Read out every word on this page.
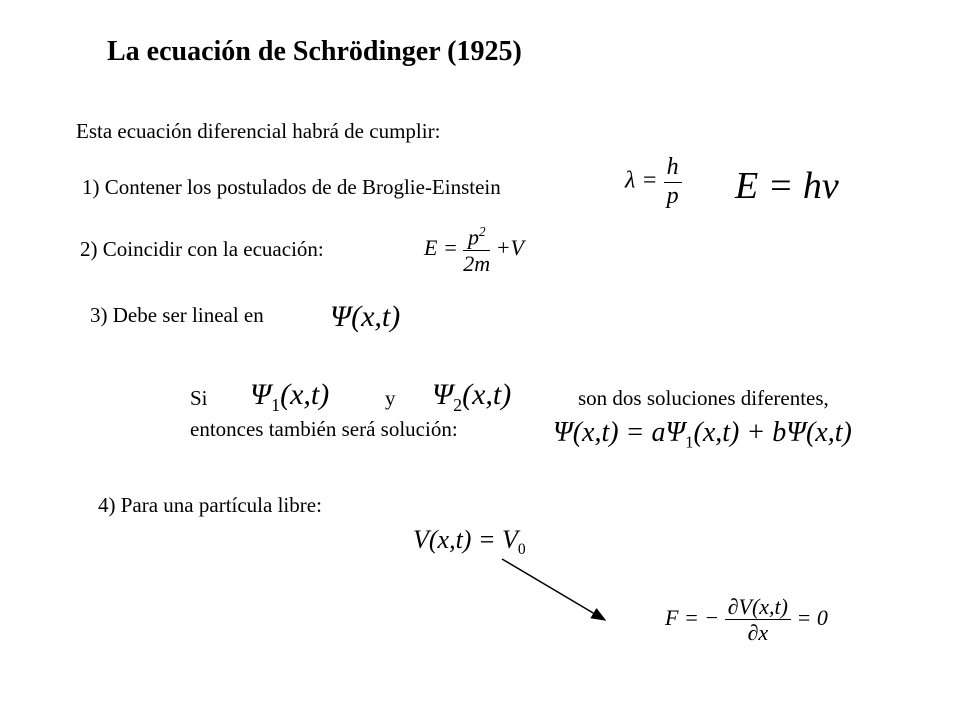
La ecuación de Schrödinger (1925)
Esta ecuación diferencial habrá de cumplir:
1) Contener los postulados de de Broglie-Einstein	$\lambda = \frac{h}{p}$ E = hν
2) Coincidir con la ecuación:	$E = \frac{p^2}{2m} +V$
3) Debe ser lineal en Ψ(x,t)
Si $\Psi_1(x,t)$	y $\Psi_2(x,t)$	son dos soluciones diferentes,
entonces también será solución:	$\Psi(x,t) = a\Psi_1(x,t) + b\Psi(x,t)$
4) Para una partícula libre:
$V(x,t) = V_0$
F = − $\frac{\partial V(x,t)}{\partial x} = 0$
